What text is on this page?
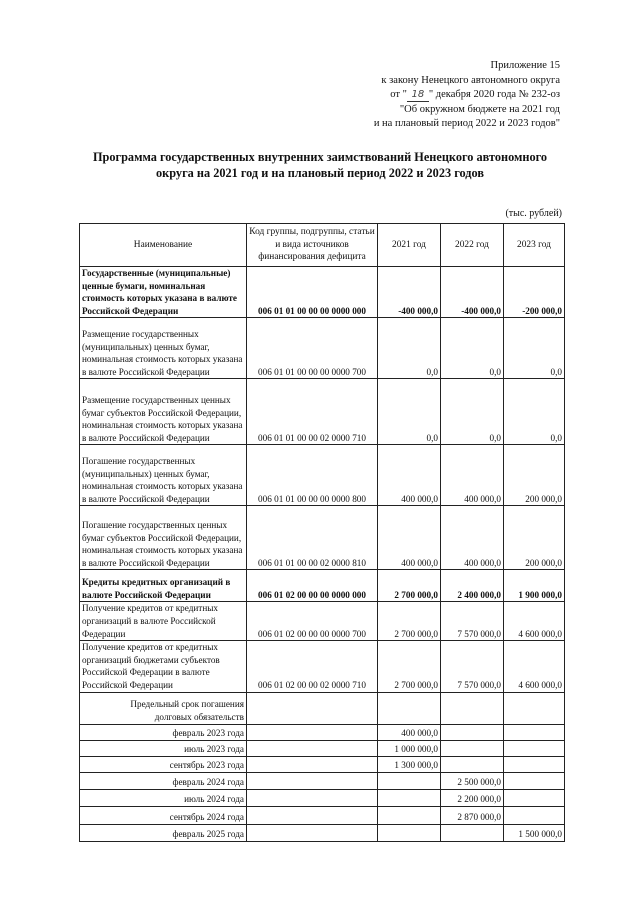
Приложение 15
к закону Ненецкого автономного округа
от " 18 " декабря 2020 года № 232-оз
"Об окружном бюджете на 2021 год
и на плановый период 2022 и 2023 годов"
Программа государственных внутренних заимствований Ненецкого автономного
округа на 2021 год и на плановый период 2022 и 2023 годов
(тыс. рублей)
Наименование	Код группы, подгруппы, статьи и вида источников финансирования дефицита	2021 год	2022 год	2023 год
Государственные (муниципальные) ценные бумаги, номинальная стоимость которых указана в валюте Российской Федерации	006 01 01 00 00 00 0000 000	-400 000,0	-400 000,0	-200 000,0
Размещение государственных (муниципальных) ценных бумаг, номинальная стоимость которых указана в валюте Российской Федерации	006 01 01 00 00 00 0000 700	0,0	0,0	0,0
Размещение государственных ценных бумаг субъектов Российской Федерации, номинальная стоимость которых указана в валюте Российской Федерации	006 01 01 00 00 02 0000 710	0,0	0,0	0,0
Погашение государственных (муниципальных) ценных бумаг, номинальная стоимость которых указана в валюте Российской Федерации	006 01 01 00 00 00 0000 800	400 000,0	400 000,0	200 000,0
Погашение государственных ценных бумаг субъектов Российской Федерации, номинальная стоимость которых указана в валюте Российской Федерации	006 01 01 00 00 02 0000 810	400 000,0	400 000,0	200 000,0
Кредиты кредитных организаций в валюте Российской Федерации	006 01 02 00 00 00 0000 000	2 700 000,0	2 400 000,0	1 900 000,0
Получение кредитов от кредитных организаций в валюте Российской Федерации	006 01 02 00 00 00 0000 700	2 700 000,0	7 570 000,0	4 600 000,0
Получение кредитов от кредитных организаций бюджетами субъектов Российской Федерации в валюте Российской Федерации	006 01 02 00 00 02 0000 710	2 700 000,0	7 570 000,0	4 600 000,0
Предельный срок погашения долговых обязательств				
февраль 2023 года		400 000,0		
июль 2023 года		1 000 000,0		
сентябрь 2023 года		1 300 000,0		
февраль 2024 года			2 500 000,0	
июль 2024 года			2 200 000,0	
сентябрь 2024 года			2 870 000,0	
февраль 2025 года				1 500 000,0
